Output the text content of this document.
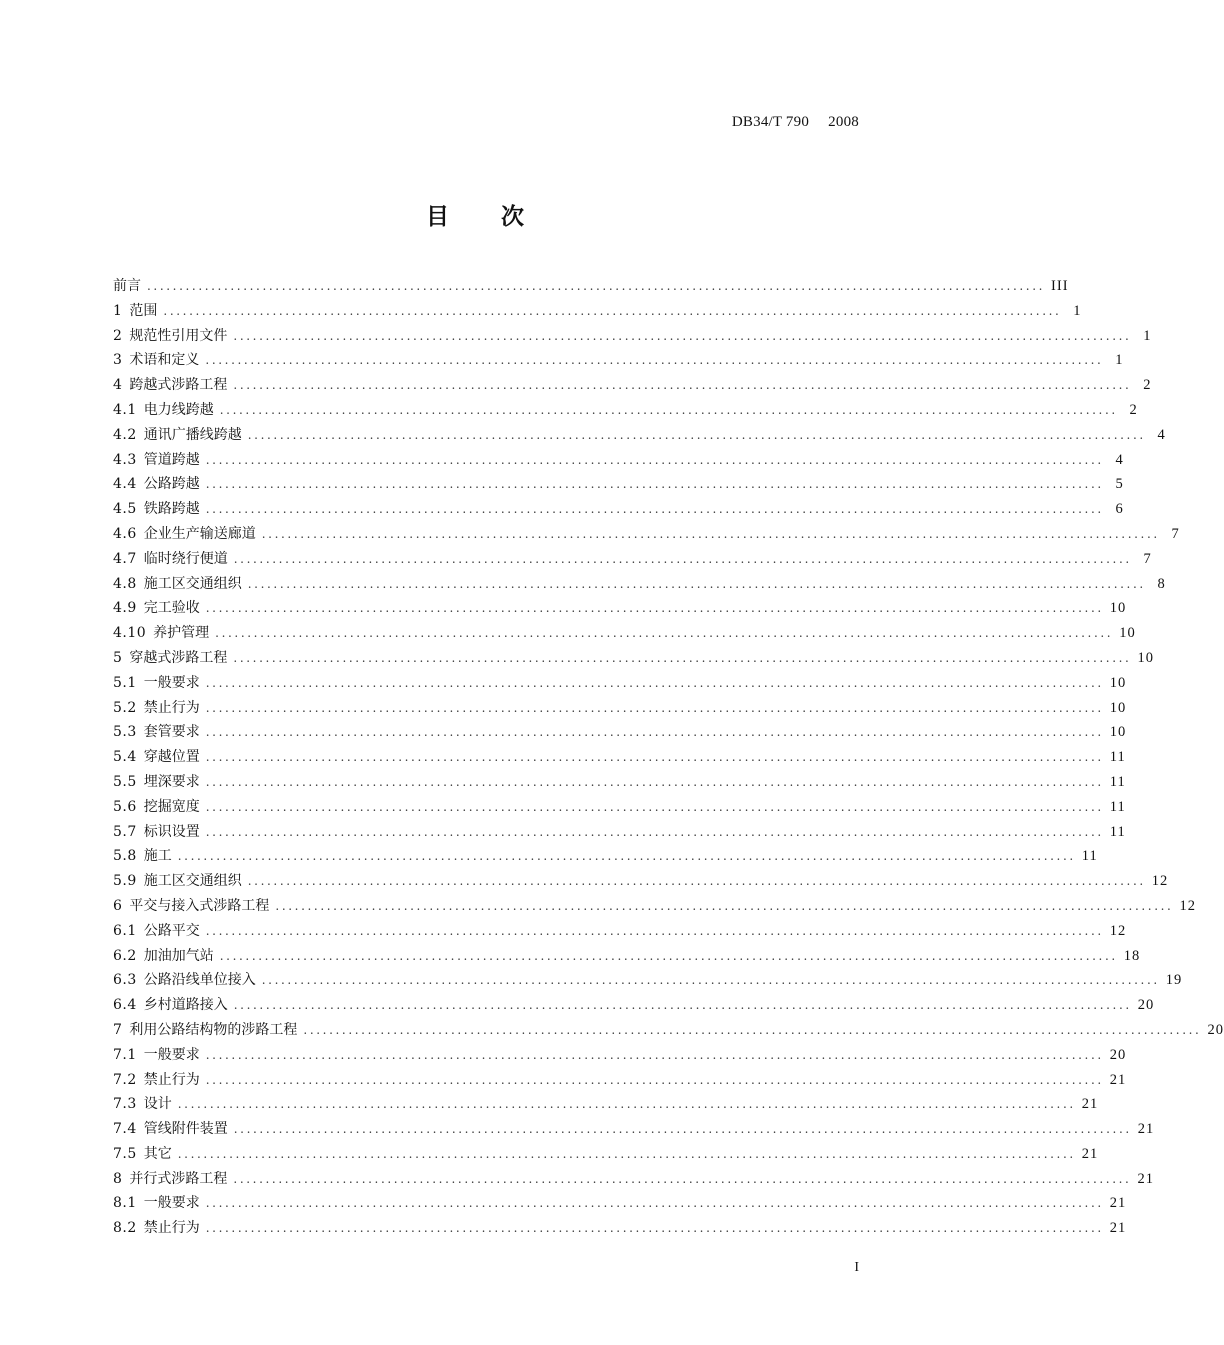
DB34/T 790  2008
目 次
前言 ............................................................................................................................................ III
1 范围 ............................................................................................................................................ 1
2 规范性引用文件 ............................................................................................................................................ 1
3 术语和定义 ............................................................................................................................................ 1
4 跨越式涉路工程 ............................................................................................................................................ 2
4.1 电力线跨越 ............................................................................................................................................ 2
4.2 通讯广播线跨越 ............................................................................................................................................ 4
4.3 管道跨越 ............................................................................................................................................ 4
4.4 公路跨越 ............................................................................................................................................ 5
4.5 铁路跨越 ............................................................................................................................................ 6
4.6 企业生产输送廊道 ............................................................................................................................................ 7
4.7 临时绕行便道 ............................................................................................................................................ 7
4.8 施工区交通组织 ............................................................................................................................................ 8
4.9 完工验收 ............................................................................................................................................ 10
4.10 养护管理 ............................................................................................................................................ 10
5 穿越式涉路工程 ............................................................................................................................................ 10
5.1 一般要求 ............................................................................................................................................ 10
5.2 禁止行为 ............................................................................................................................................ 10
5.3 套管要求 ............................................................................................................................................ 10
5.4 穿越位置 ............................................................................................................................................ 11
5.5 埋深要求 ............................................................................................................................................ 11
5.6 挖掘宽度 ............................................................................................................................................ 11
5.7 标识设置 ............................................................................................................................................ 11
5.8 施工 ............................................................................................................................................ 11
5.9 施工区交通组织 ............................................................................................................................................ 12
6 平交与接入式涉路工程 ............................................................................................................................................ 12
6.1 公路平交 ............................................................................................................................................ 12
6.2 加油加气站 ............................................................................................................................................ 18
6.3 公路沿线单位接入 ............................................................................................................................................ 19
6.4 乡村道路接入 ............................................................................................................................................ 20
7 利用公路结构物的涉路工程 ............................................................................................................................................ 20
7.1 一般要求 ............................................................................................................................................ 20
7.2 禁止行为 ............................................................................................................................................ 21
7.3 设计 ............................................................................................................................................ 21
7.4 管线附件装置 ............................................................................................................................................ 21
7.5 其它 ............................................................................................................................................ 21
8 并行式涉路工程 ............................................................................................................................................ 21
8.1 一般要求 ............................................................................................................................................ 21
8.2 禁止行为 ............................................................................................................................................ 21
I
